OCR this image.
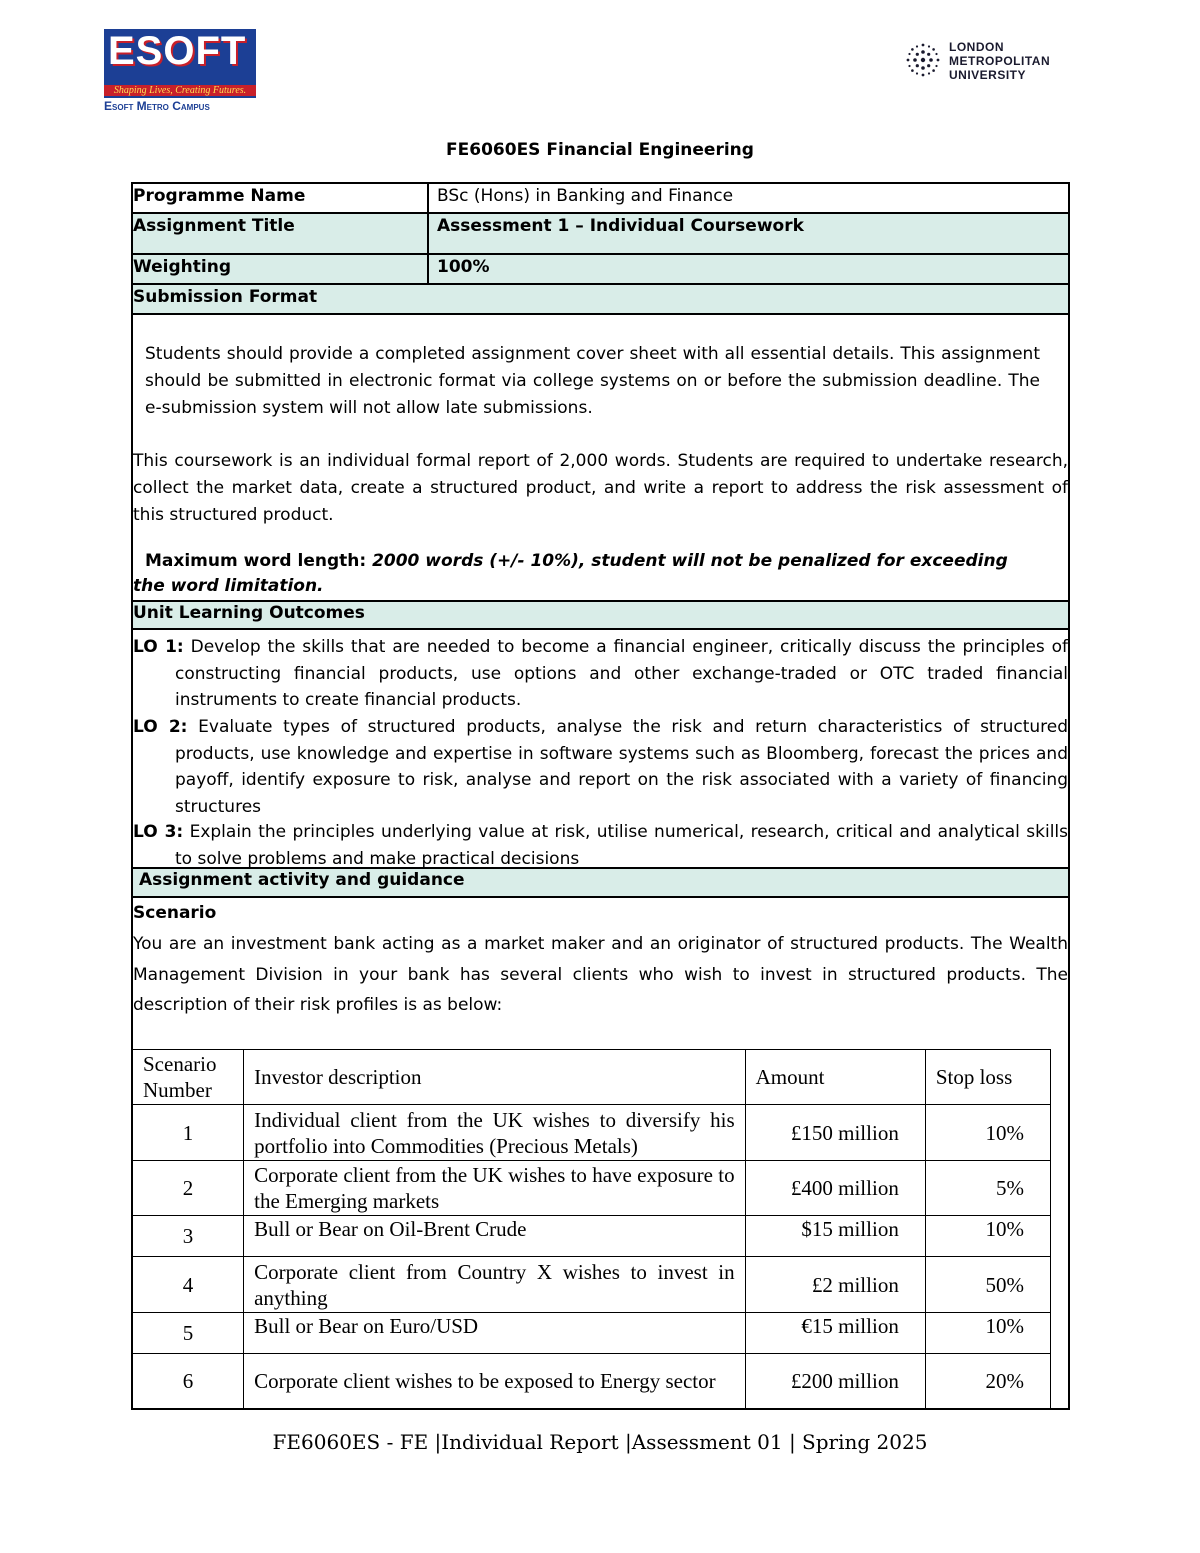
ESOFT
Shaping Lives, Creating Futures.
Esoft Metro Campus
LONDON
METROPOLITAN
UNIVERSITY
FE6060ES Financial Engineering
Programme Name	BSc (Hons) in Banking and Finance
Assignment Title	Assessment 1 – Individual Coursework
Weighting	100%
Submission Format
Students should provide a completed assignment cover sheet with all essential details. This assignment should be submitted in electronic format via college systems on or before the submission deadline. The e-submission system will not allow late submissions.
This coursework is an individual formal report of 2,000 words. Students are required to undertake research, collect the market data, create a structured product, and write a report to address the risk assessment of this structured product.
Maximum word length: 2000 words (+/- 10%), student will not be penalized for exceeding the word limitation.
Unit Learning Outcomes
LO 1: Develop the skills that are needed to become a financial engineer, critically discuss the principles of constructing financial products, use options and other exchange-traded or OTC traded financial instruments to create financial products.
LO 2: Evaluate types of structured products, analyse the risk and return characteristics of structured products, use knowledge and expertise in software systems such as Bloomberg, forecast the prices and payoff, identify exposure to risk, analyse and report on the risk associated with a variety of financing structures
LO 3: Explain the principles underlying value at risk, utilise numerical, research, critical and analytical skills to solve problems and make practical decisions
Assignment activity and guidance
Scenario
You are an investment bank acting as a market maker and an originator of structured products. The Wealth Management Division in your bank has several clients who wish to invest in structured products. The description of their risk profiles is as below:
Scenario Number	Investor description	Amount	Stop loss
1	Individual client from the UK wishes to diversify his portfolio into Commodities (Precious Metals)	£150 million	10%
2	Corporate client from the UK wishes to have exposure to the Emerging markets	£400 million	5%
3	Bull or Bear on Oil-Brent Crude	$15 million	10%
4	Corporate client from Country X wishes to invest in anything	£2 million	50%
5	Bull or Bear on Euro/USD	€15 million	10%
6	Corporate client wishes to be exposed to Energy sector	£200 million	20%
FE6060ES - FE |Individual Report |Assessment 01 | Spring 2025
